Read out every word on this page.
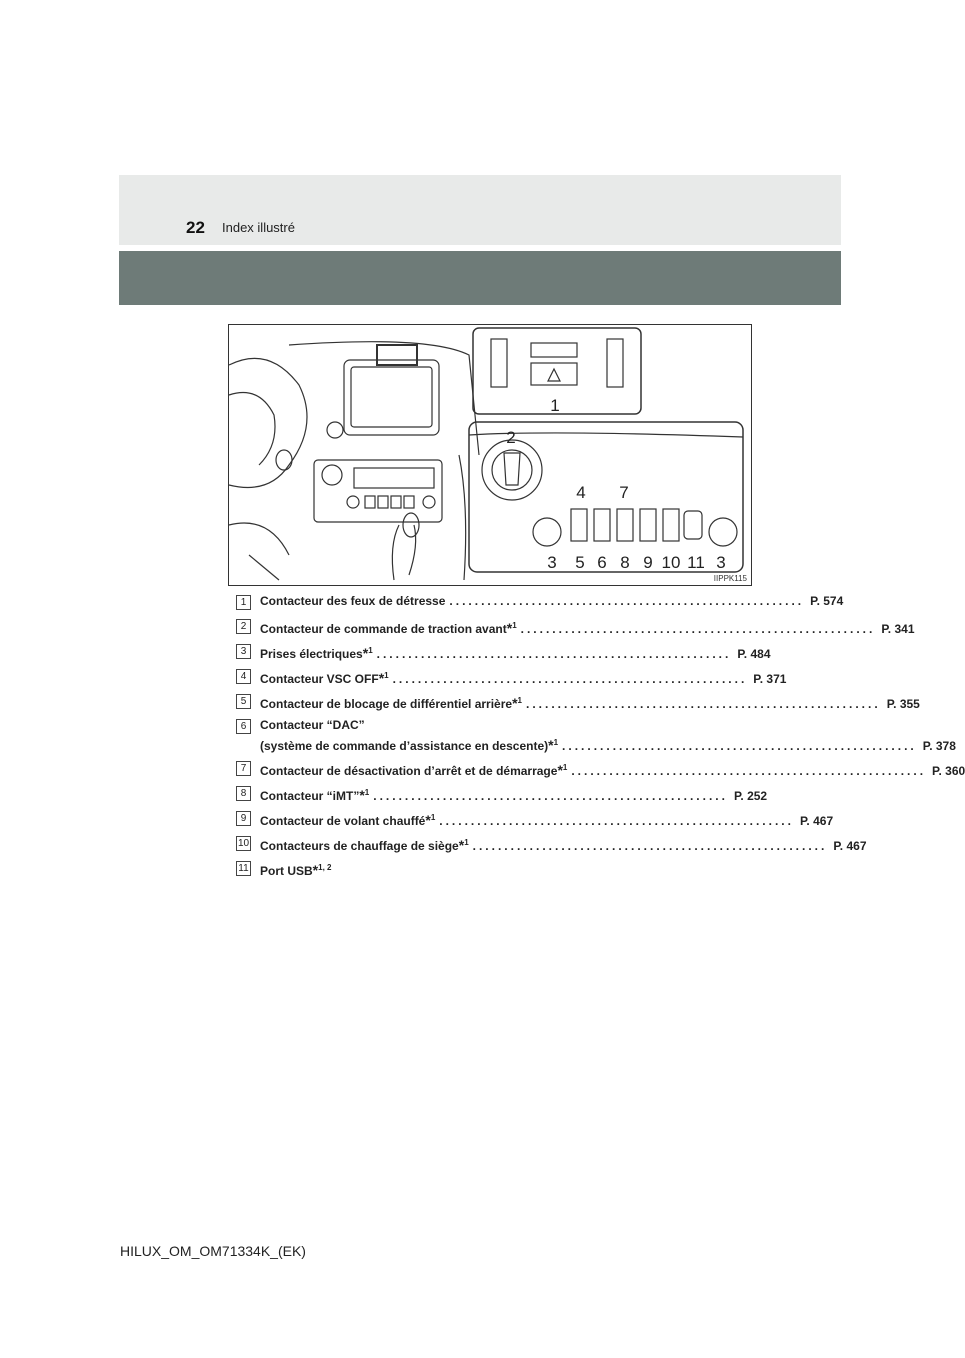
22 Index illustré
1
2
4 7
3 5 6 8 9 10 11 3
IIPPK115
1	Contacteur des feux de détresse ........................................................ P. 574
2	Contacteur de commande de traction avant*$^1$ ........................................................ P. 341
3	Prises électriques*$^1$ ........................................................ P. 484
4	Contacteur VSC OFF*$^1$ ........................................................ P. 371
5	Contacteur de blocage de différentiel arrière*$^1$ ........................................................ P. 355
6	Contacteur “DAC”
(système de commande d’assistance en descente)*$^1$ ........................................................ P. 378
7	Contacteur de désactivation d’arrêt et de démarrage*$^1$ ........................................................ P. 360
8	Contacteur “iMT”*$^1$ ........................................................ P. 252
9	Contacteur de volant chauffé*$^1$ ........................................................ P. 467
10 Contacteurs de chauffage de siège*$^1$ ........................................................ P. 467
11 Port USB*$^{1, 2}$
HILUX_OM_OM71334K_(EK)
